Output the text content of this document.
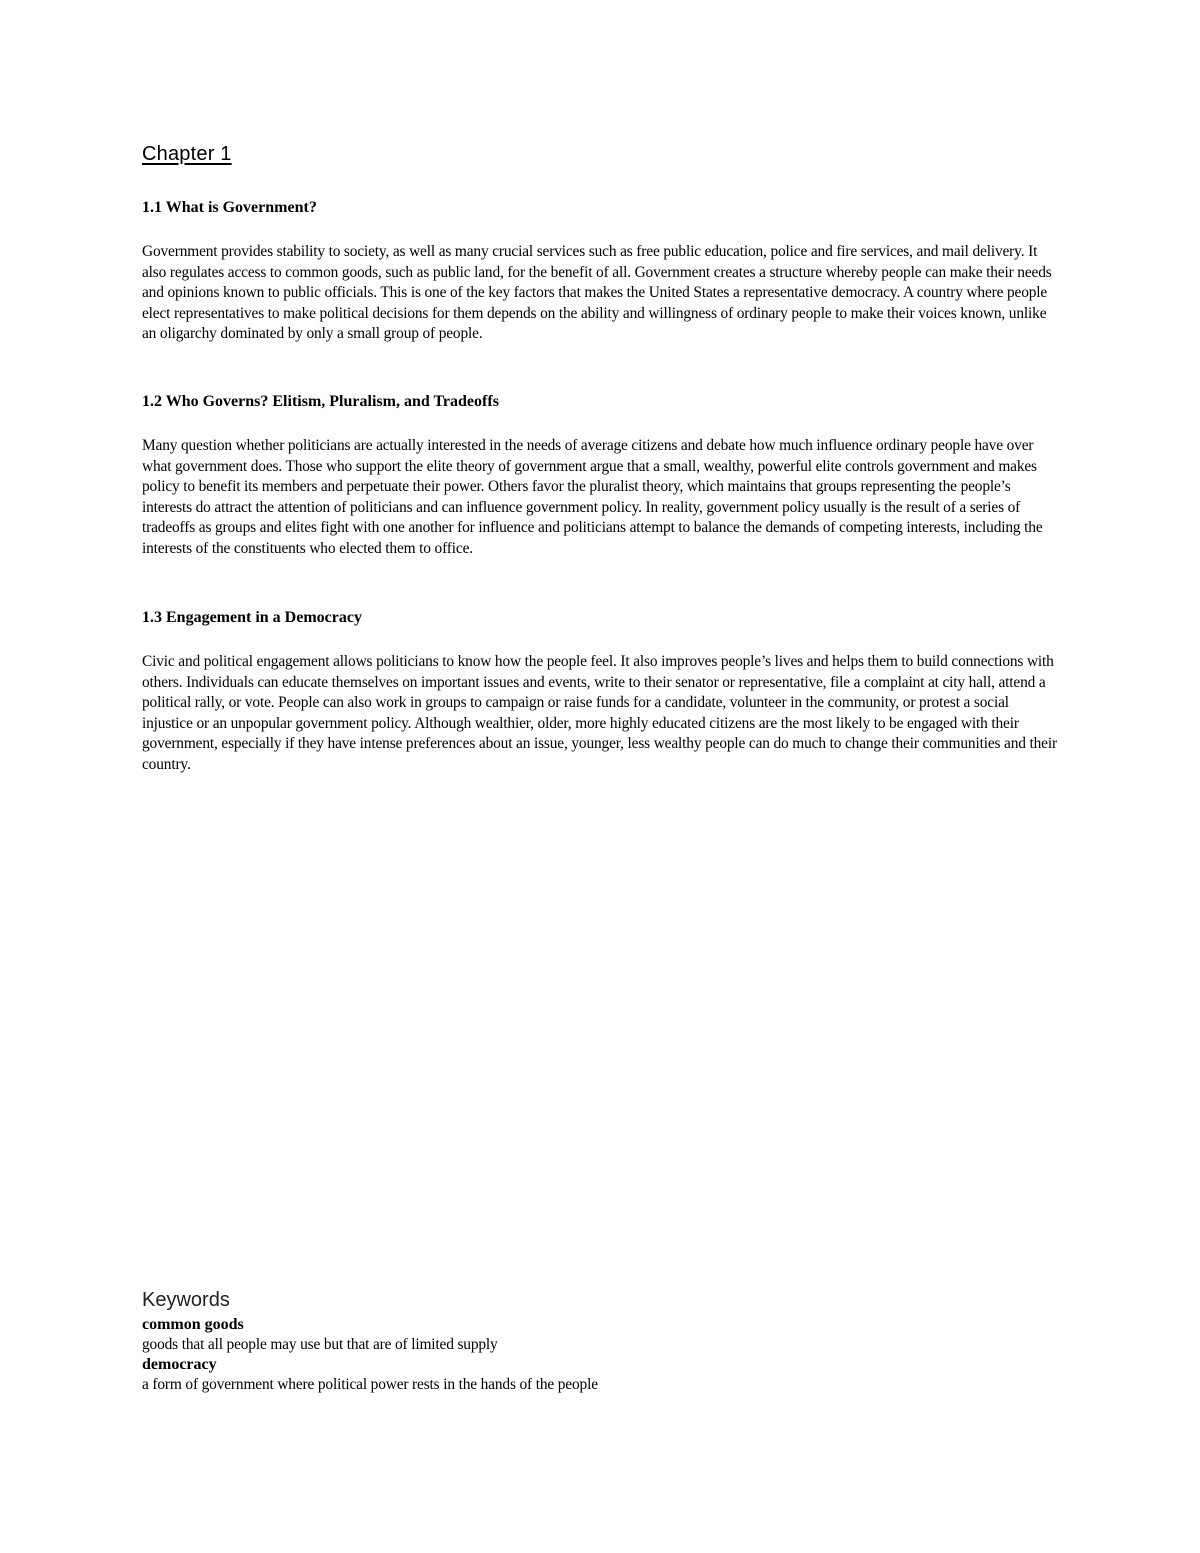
Chapter 1
1.1 What is Government?

Government provides stability to society, as well as many crucial services such as free public education, police and fire services, and mail delivery. It also regulates access to common goods, such as public land, for the benefit of all. Government creates a structure whereby people can make their needs and opinions known to public officials. This is one of the key factors that makes the United States a representative democracy. A country where people elect representatives to make political decisions for them depends on the ability and willingness of ordinary people to make their voices known, unlike an oligarchy dominated by only a small group of people.

1.2 Who Governs? Elitism, Pluralism, and Tradeoffs

Many question whether politicians are actually interested in the needs of average citizens and debate how much influence ordinary people have over what government does. Those who support the elite theory of government argue that a small, wealthy, powerful elite controls government and makes policy to benefit its members and perpetuate their power. Others favor the pluralist theory, which maintains that groups representing the people’s interests do attract the attention of politicians and can influence government policy. In reality, government policy usually is the result of a series of tradeoffs as groups and elites fight with one another for influence and politicians attempt to balance the demands of competing interests, including the interests of the constituents who elected them to office.

1.3 Engagement in a Democracy

Civic and political engagement allows politicians to know how the people feel. It also improves people’s lives and helps them to build connections with others. Individuals can educate themselves on important issues and events, write to their senator or representative, file a complaint at city hall, attend a political rally, or vote. People can also work in groups to campaign or raise funds for a candidate, volunteer in the community, or protest a social injustice or an unpopular government policy. Although wealthier, older, more highly educated citizens are the most likely to be engaged with their government, especially if they have intense preferences about an issue, younger, less wealthy people can do much to change their communities and their country.

Keywords
common goods
goods that all people may use but that are of limited supply
democracy
a form of government where political power rests in the hands of the people
